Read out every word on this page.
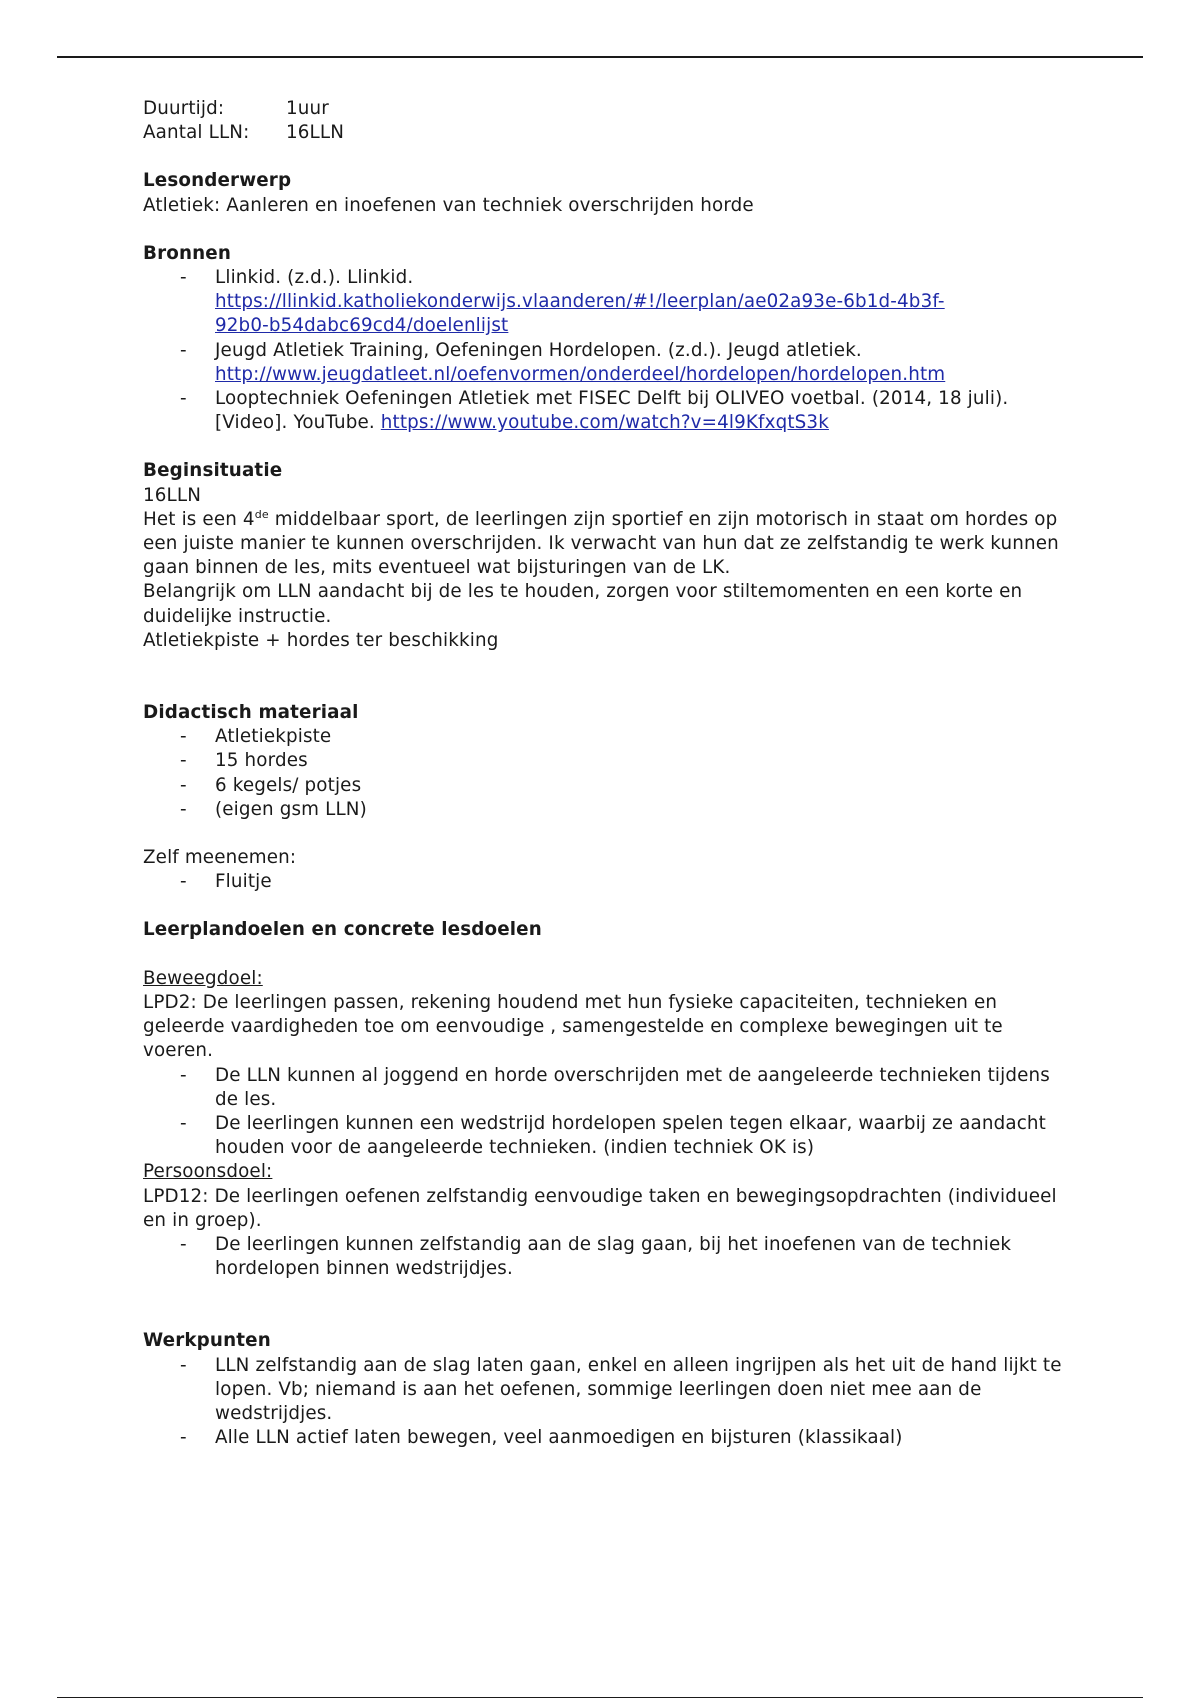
Duurtijd:	1uur
Aantal LLN:	16LLN
Lesonderwerp

Atletiek: Aanleren en inoefenen van techniek overschrijden horde

Bronnen
- Llinkid. (z.d.). Llinkid.
https://llinkid.katholiekonderwijs.vlaanderen/#!/leerplan/ae02a93e-6b1d-4b3f-
92b0-b54dabc69cd4/doelenlijst
- Jeugd Atletiek Training, Oefeningen Hordelopen. (z.d.). Jeugd atletiek.
http://www.jeugdatleet.nl/oefenvormen/onderdeel/hordelopen/hordelopen.htm
- Looptechniek Oefeningen Atletiek met FISEC Delft bij OLIVEO voetbal. (2014, 18 juli). [Video]. YouTube. https://www.youtube.com/watch?v=4l9KfxqtS3k
Beginsituatie

16LLN

Het is een 4de middelbaar sport, de leerlingen zijn sportief en zijn motorisch in staat om hordes op een juiste manier te kunnen overschrijden. Ik verwacht van hun dat ze zelfstandig te werk kunnen gaan binnen de les, mits eventueel wat bijsturingen van de LK.

Belangrijk om LLN aandacht bij de les te houden, zorgen voor stiltemomenten en een korte en duidelijke instructie.

Atletiekpiste + hordes ter beschikking

Didactisch materiaal
- Atletiekpiste
- 15 hordes
- 6 kegels/ potjes
- (eigen gsm LLN)

Zelf meenemen:

- Fluitje
Leerplandoelen en concrete lesdoelen

Beweegdoel:

LPD2: De leerlingen passen, rekening houdend met hun fysieke capaciteiten, technieken en geleerde vaardigheden toe om eenvoudige , samengestelde en complexe bewegingen uit te voeren.

- De LLN kunnen al joggend en horde overschrijden met de aangeleerde technieken tijdens de les.
- De leerlingen kunnen een wedstrijd hordelopen spelen tegen elkaar, waarbij ze aandacht houden voor de aangeleerde technieken. (indien techniek OK is)

Persoonsdoel:

LPD12: De leerlingen oefenen zelfstandig eenvoudige taken en bewegingsopdrachten (individueel en in groep).

- De leerlingen kunnen zelfstandig aan de slag gaan, bij het inoefenen van de techniek hordelopen binnen wedstrijdjes.
Werkpunten
- LLN zelfstandig aan de slag laten gaan, enkel en alleen ingrijpen als het uit de hand lijkt te lopen. Vb; niemand is aan het oefenen, sommige leerlingen doen niet mee aan de wedstrijdjes.
- Alle LLN actief laten bewegen, veel aanmoedigen en bijsturen (klassikaal)
